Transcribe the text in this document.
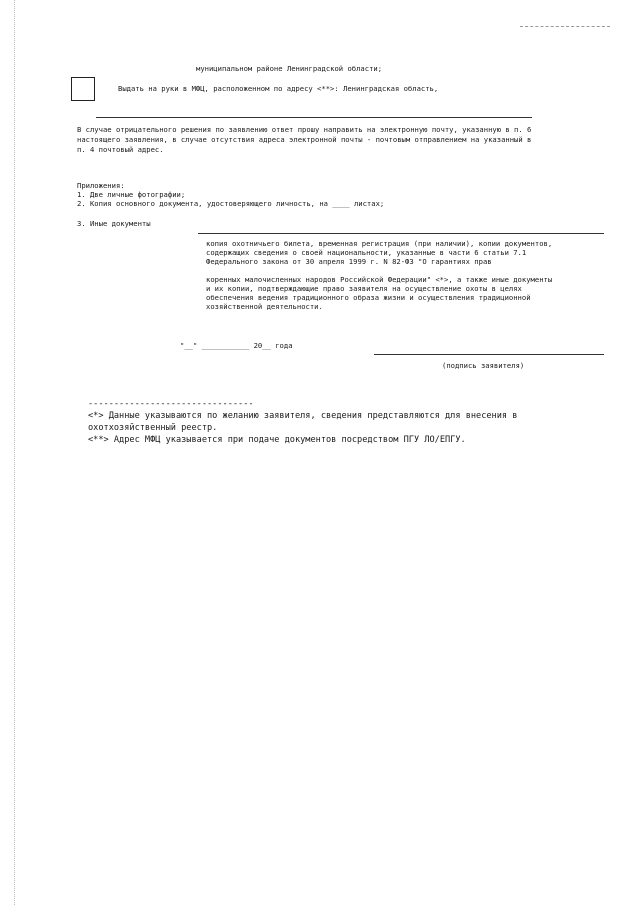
муниципальном районе Ленинградской области;
Выдать на руки в МФЦ, расположенном по адресу <**>: Ленинградская область,
В случае отрицательного решения по заявлению ответ прошу направить на электронную почту, указанную в п. 6
настоящего заявления, в случае отсутствия адреса электронной почты - почтовым отправлением на указанный в
п. 4 почтовый адрес.
Приложения:
1. Две личные фотографии;
2. Копия основного документа, удостоверяющего личность, на ____ листах;
3. Иные документы
копия охотничьего билета, временная регистрация (при наличии), копии документов,
содержащих сведения о своей национальности, указанные в части 6 статьи 7.1
Федерального закона от 30 апреля 1999 г. N 82-ФЗ "О гарантиях прав
коренных малочисленных народов Российской Федерации" <*>, а также иные документы
и их копии, подтверждающие право заявителя на осуществление охоты в целях
обеспечения ведения традиционного образа жизни и осуществления традиционной
хозяйственной деятельности.
"__" ___________ 20__ года
(подпись заявителя)
--------------------------------
<*> Данные указываются по желанию заявителя, сведения представляются для внесения в
охотхозяйственный реестр.
<**> Адрес МФЦ указывается при подаче документов посредством ПГУ ЛО/ЕПГУ.
